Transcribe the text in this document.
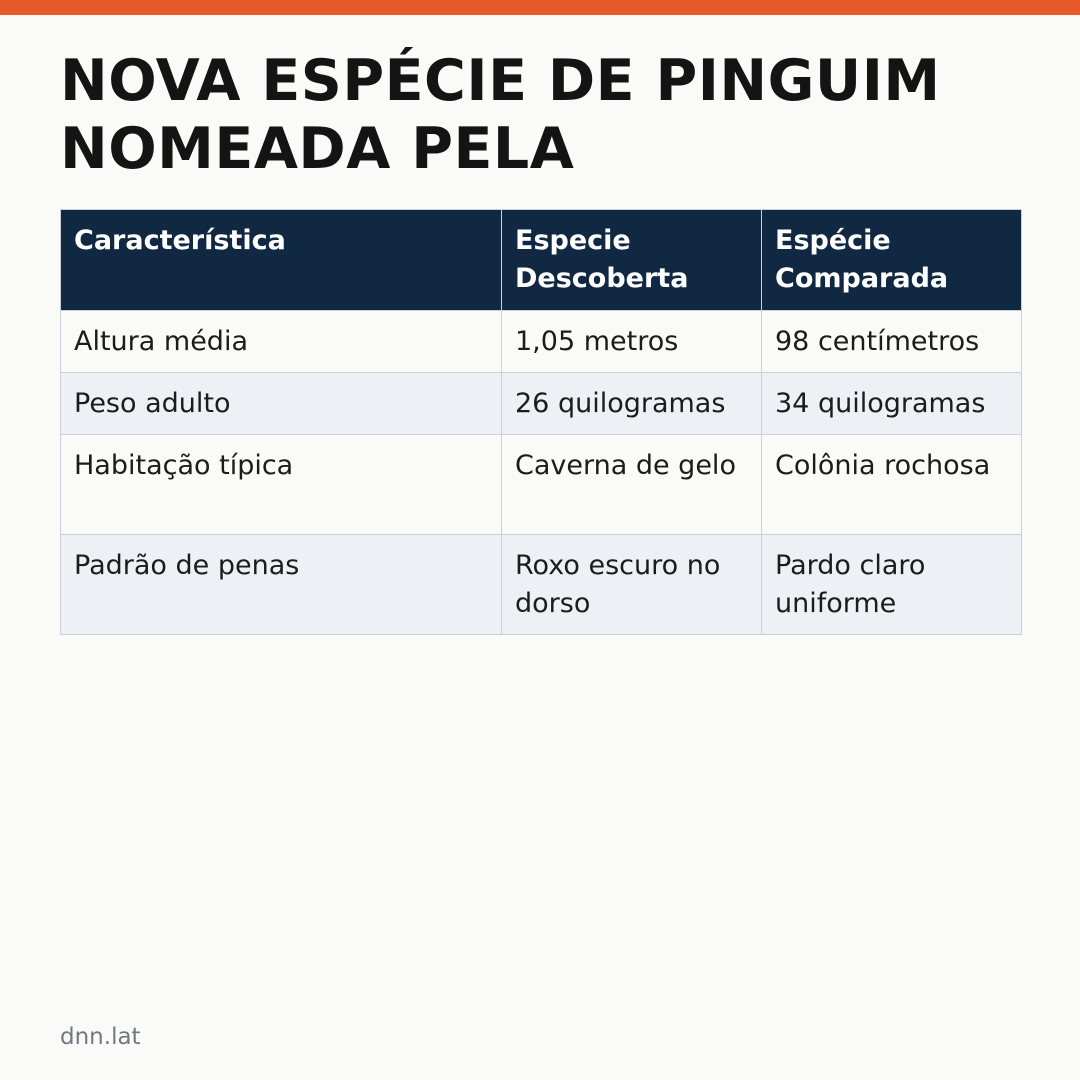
NOVA ESPÉCIE DE PINGUIM NOMEADA PELA
Característica	Especie Descoberta	Espécie Comparada
Altura média	1,05 metros	98 centímetros
Peso adulto	26 quilogramas	34 quilogramas
Habitação típica	Caverna de gelo	Colônia rochosa
Padrão de penas	Roxo escuro no dorso	Pardo claro uniforme
dnn.lat
